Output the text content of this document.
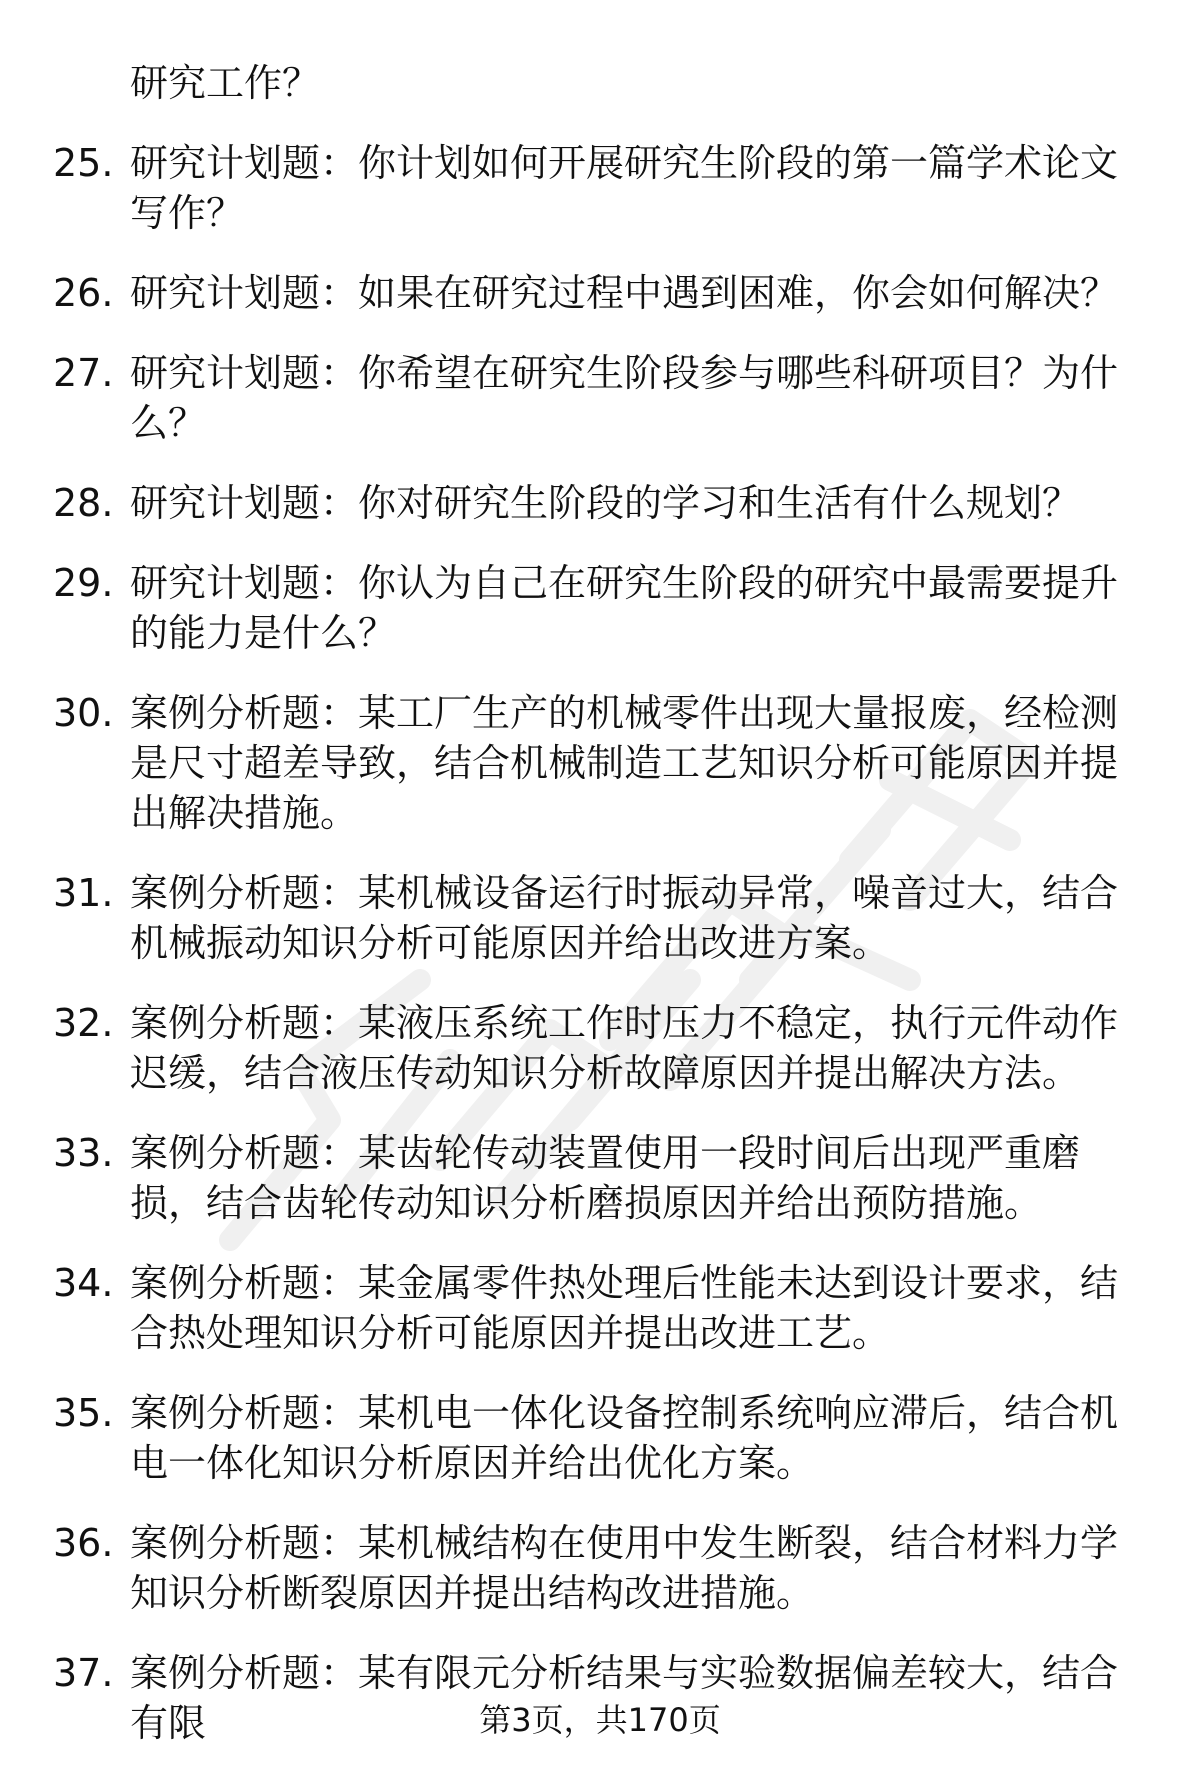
研究工作？
25. 研究计划题：你计划如何开展研究生阶段的第一篇学术论文写作？
26. 研究计划题：如果在研究过程中遇到困难，你会如何解决？
27. 研究计划题：你希望在研究生阶段参与哪些科研项目？为什么？
28. 研究计划题：你对研究生阶段的学习和生活有什么规划？
29. 研究计划题：你认为自己在研究生阶段的研究中最需要提升的能力是什么？
30. 案例分析题：某工厂生产的机械零件出现大量报废，经检测是尺寸超差导致，结合机械制造工艺知识分析可能原因并提出解决措施。
31. 案例分析题：某机械设备运行时振动异常，噪音过大，结合机械振动知识分析可能原因并给出改进方案。
32. 案例分析题：某液压系统工作时压力不稳定，执行元件动作迟缓，结合液压传动知识分析故障原因并提出解决方法。
33. 案例分析题：某齿轮传动装置使用一段时间后出现严重磨损，结合齿轮传动知识分析磨损原因并给出预防措施。
34. 案例分析题：某金属零件热处理后性能未达到设计要求，结合热处理知识分析可能原因并提出改进工艺。
35. 案例分析题：某机电一体化设备控制系统响应滞后，结合机电一体化知识分析原因并给出优化方案。
36. 案例分析题：某机械结构在使用中发生断裂，结合材料力学知识分析断裂原因并提出结构改进措施。
37. 案例分析题：某有限元分析结果与实验数据偏差较大，结合有限	第3页，共170页
